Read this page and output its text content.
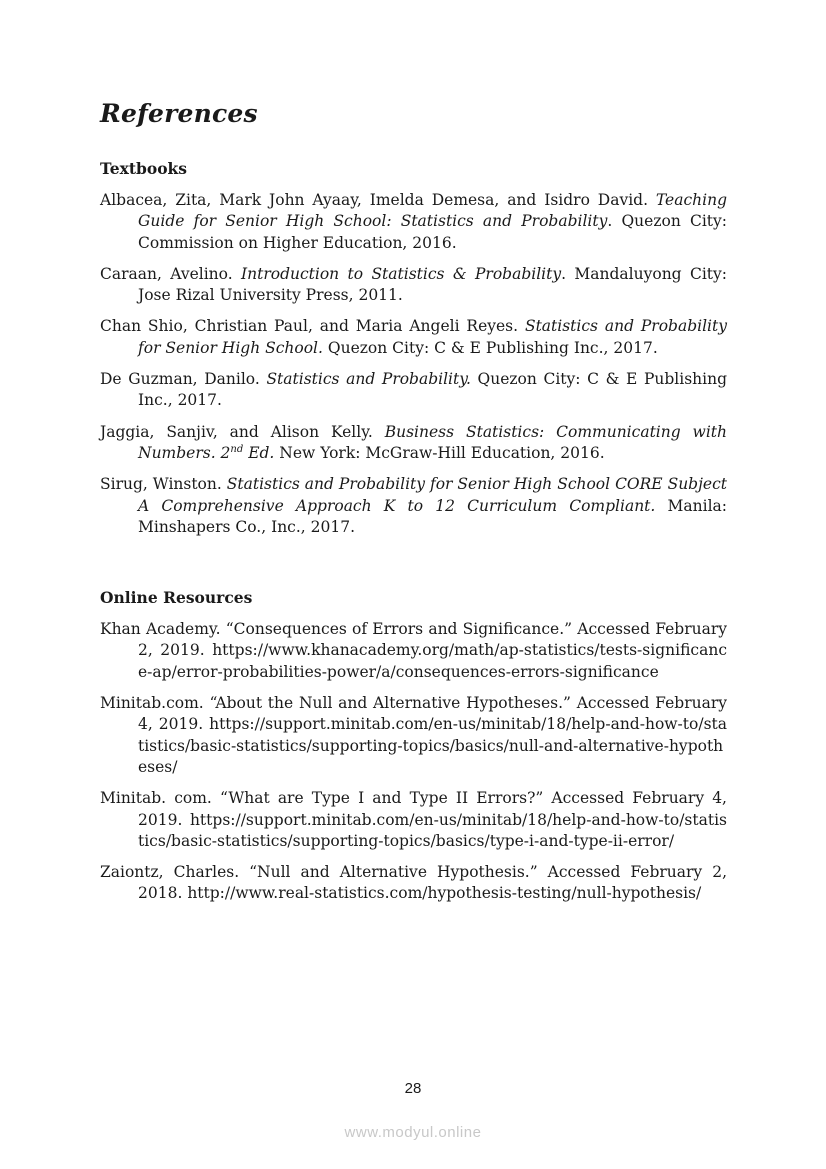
References
Textbooks

Albacea, Zita, Mark John Ayaay, Imelda Demesa, and Isidro David. Teaching Guide for Senior High School: Statistics and Probability. Quezon City: Commission on Higher Education, 2016.

Caraan, Avelino. Introduction to Statistics & Probability. Mandaluyong City: Jose Rizal University Press, 2011.

Chan Shio, Christian Paul, and Maria Angeli Reyes. Statistics and Probability for Senior High School. Quezon City: C & E Publishing Inc., 2017.

De Guzman, Danilo. Statistics and Probability. Quezon City: C & E Publishing Inc., 2017.

Jaggia, Sanjiv, and Alison Kelly. Business Statistics: Communicating with Numbers. 2nd Ed. New York: McGraw-Hill Education, 2016.

Sirug, Winston. Statistics and Probability for Senior High School CORE Subject A Comprehensive Approach K to 12 Curriculum Compliant. Manila: Minshapers Co., Inc., 2017.

Online Resources

Khan Academy. “Consequences of Errors and Significance.” Accessed February 2, 2019. https://www.khanacademy.org/math/ap-statistics/tests-significance-ap/error-probabilities-power/a/consequences-errors-significance

Minitab.com. “About the Null and Alternative Hypotheses.” Accessed February 4, 2019. https://support.minitab.com/en-us/minitab/18/help-and-how-to/statistics/basic-statistics/supporting-topics/basics/null-and-alternative-hypotheses/

Minitab. com. “What are Type I and Type II Errors?” Accessed February 4, 2019. https://support.minitab.com/en-us/minitab/18/help-and-how-to/statistics/basic-statistics/supporting-topics/basics/type-i-and-type-ii-error/

Zaiontz, Charles. “Null and Alternative Hypothesis.” Accessed February 2, 2018. http://www.real-statistics.com/hypothesis-testing/null-hypothesis/

28
www.modyul.online
